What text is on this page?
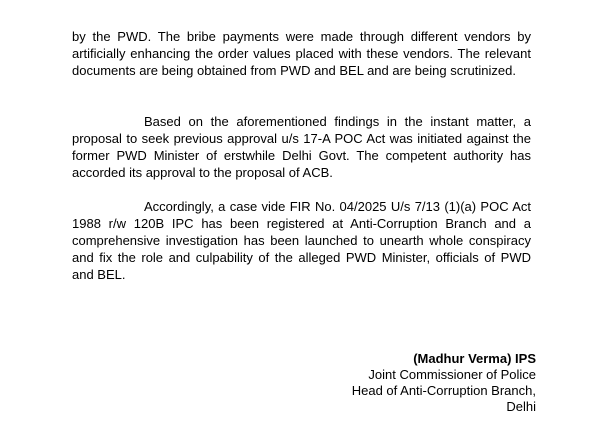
by the PWD. The bribe payments were made through different vendors by artificially enhancing the order values placed with these vendors. The relevant documents are being obtained from PWD and BEL and are being scrutinized.

Based on the aforementioned findings in the instant matter, a proposal to seek previous approval u/s 17-A POC Act was initiated against the former PWD Minister of erstwhile Delhi Govt. The competent authority has accorded its approval to the proposal of ACB.

Accordingly, a case vide FIR No. 04/2025 U/s 7/13 (1)(a) POC Act 1988 r/w 120B IPC has been registered at Anti-Corruption Branch and a comprehensive investigation has been launched to unearth whole conspiracy and fix the role and culpability of the alleged PWD Minister, officials of PWD and BEL.

(Madhur Verma) IPS
Joint Commissioner of Police
Head of Anti-Corruption Branch,
Delhi
